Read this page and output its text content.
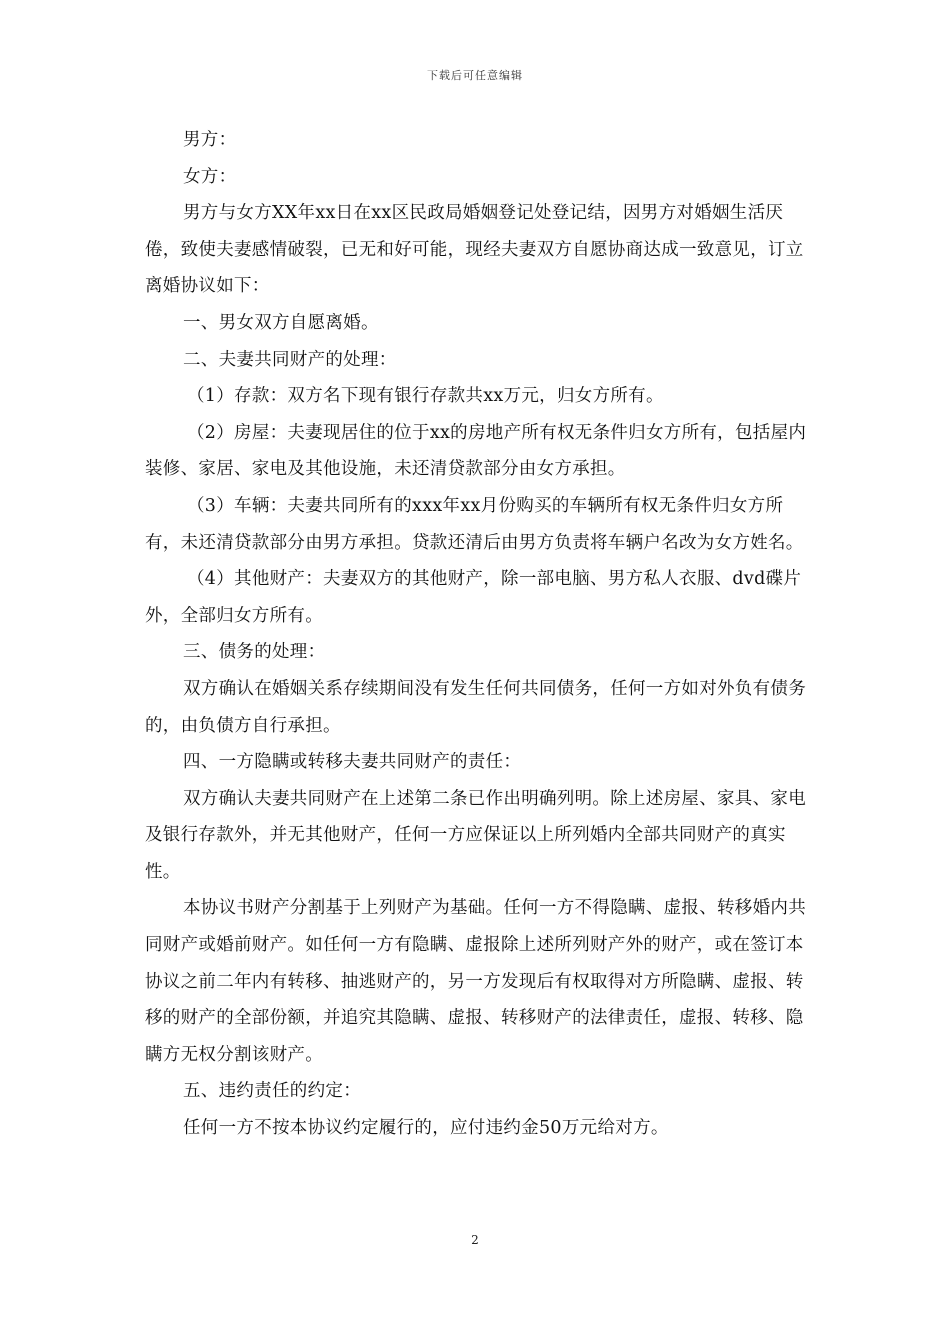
下载后可任意编辑

男方：

女方：

男方与女方XX年xx日在xx区民政局婚姻登记处登记结，因男方对婚姻生活厌倦，致使夫妻感情破裂，已无和好可能，现经夫妻双方自愿协商达成一致意见，订立离婚协议如下：

一、男女双方自愿离婚。

二、夫妻共同财产的处理：

（1）存款：双方名下现有银行存款共xx万元，归女方所有。

（2）房屋：夫妻现居住的位于xx的房地产所有权无条件归女方所有，包括屋内装修、家居、家电及其他设施，未还清贷款部分由女方承担。

（3）车辆：夫妻共同所有的xxx年xx月份购买的车辆所有权无条件归女方所有，未还清贷款部分由男方承担。贷款还清后由男方负责将车辆户名改为女方姓名。

（4）其他财产：夫妻双方的其他财产，除一部电脑、男方私人衣服、dvd碟片外，全部归女方所有。

三、债务的处理：

双方确认在婚姻关系存续期间没有发生任何共同债务，任何一方如对外负有债务的，由负债方自行承担。

四、一方隐瞒或转移夫妻共同财产的责任：

双方确认夫妻共同财产在上述第二条已作出明确列明。除上述房屋、家具、家电及银行存款外，并无其他财产，任何一方应保证以上所列婚内全部共同财产的真实性。

本协议书财产分割基于上列财产为基础。任何一方不得隐瞒、虚报、转移婚内共同财产或婚前财产。如任何一方有隐瞒、虚报除上述所列财产外的财产，或在签订本协议之前二年内有转移、抽逃财产的，另一方发现后有权取得对方所隐瞒、虚报、转移的财产的全部份额，并追究其隐瞒、虚报、转移财产的法律责任，虚报、转移、隐瞒方无权分割该财产。

五、违约责任的约定：

任何一方不按本协议约定履行的，应付违约金50万元给对方。

2
